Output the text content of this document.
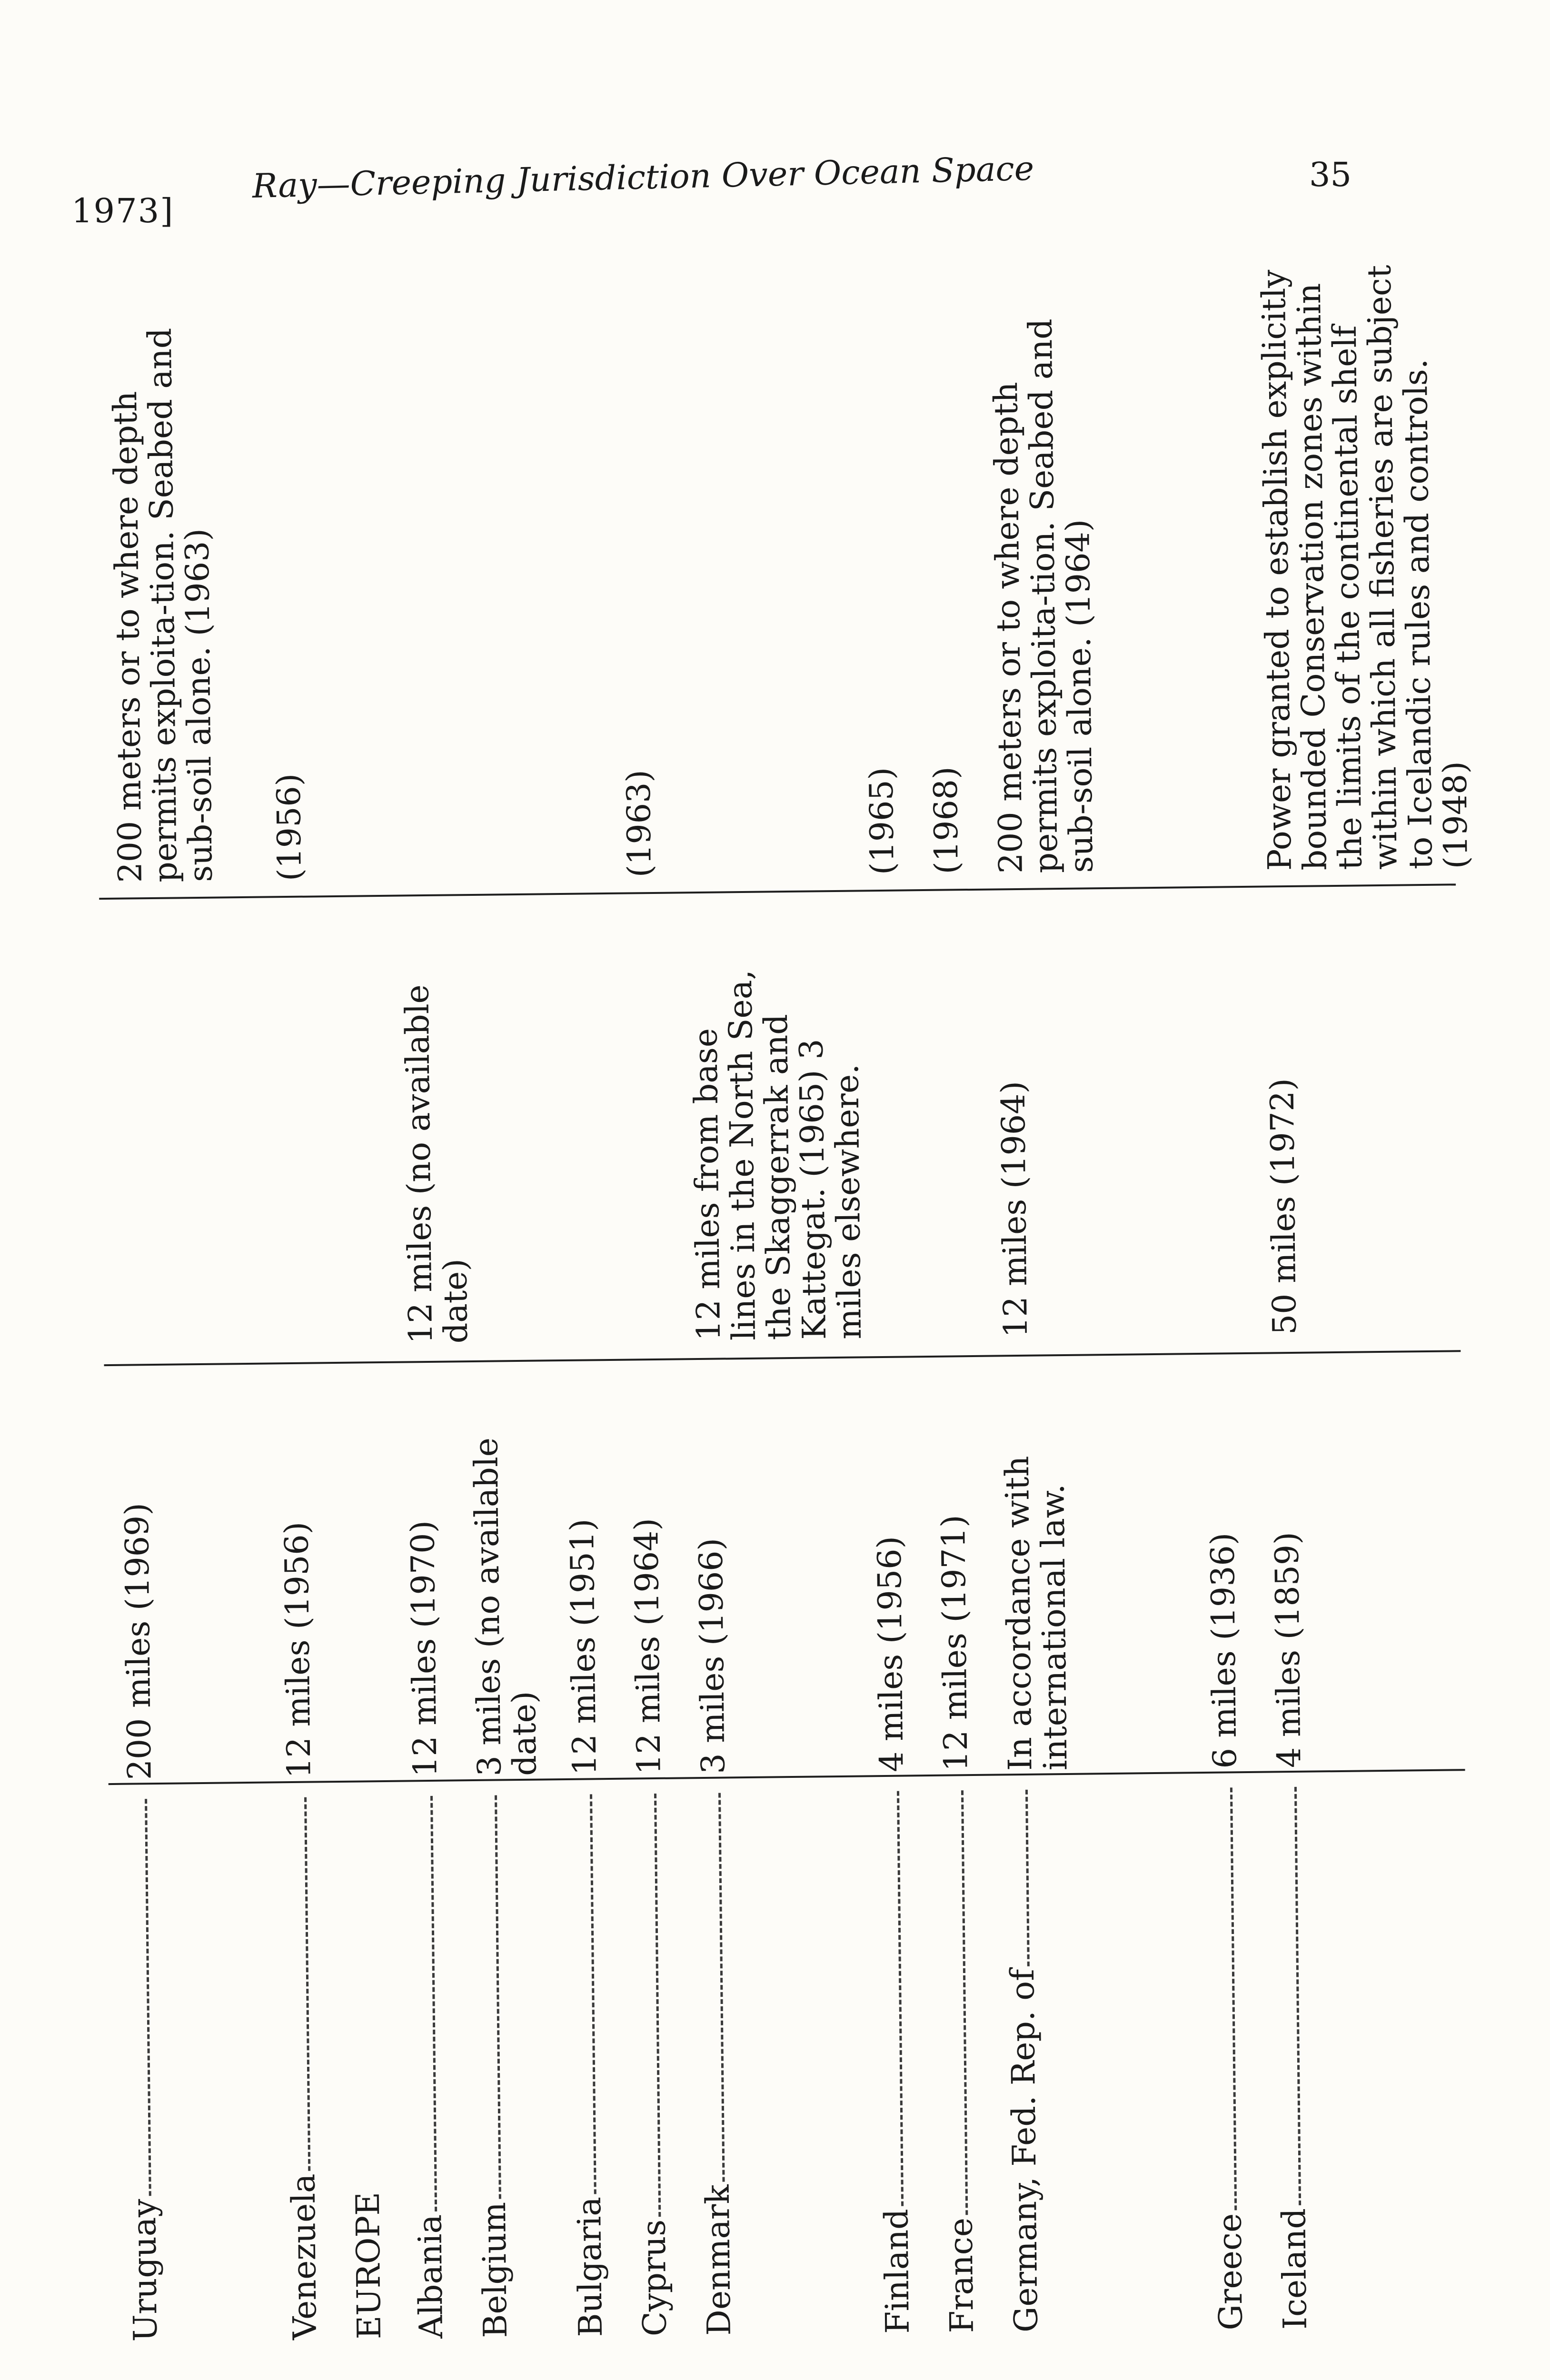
1973]
Ray—Creeping Jurisdiction Over Ocean Space	35
Uruguay
200 miles (1969)
200 meters or to where depth permits exploita-tion. Seabed and sub-soil alone. (1963)
Venezuela
12 miles (1956)
(1956)
EUROPE Albania
12 miles (1970)
12 miles (no available date)
Belgium
3 miles (no available date)
Bulgaria
12 miles (1951)
Cyprus
12 miles (1964)
(1963)
Denmark
3 miles (1966)
12 miles from base lines in the North Sea, the Skaggerrak and Kattegat. (1965) 3 miles elsewhere.
Finland
4 miles (1956)
(1965)
France
12 miles (1971)
(1968)
Germany, Fed. Rep. of
In accordance with international law.
12 miles (1964)
200 meters or to where depth permits exploita-tion. Seabed and sub-soil alone. (1964)
Greece
6 miles (1936)
Iceland
4 miles (1859)
50 miles (1972)
Power granted to establish explicitly bounded Conservation zones within the limits of the continental shelf within which all fisheries are subject to Icelandic rules and controls. (1948)
